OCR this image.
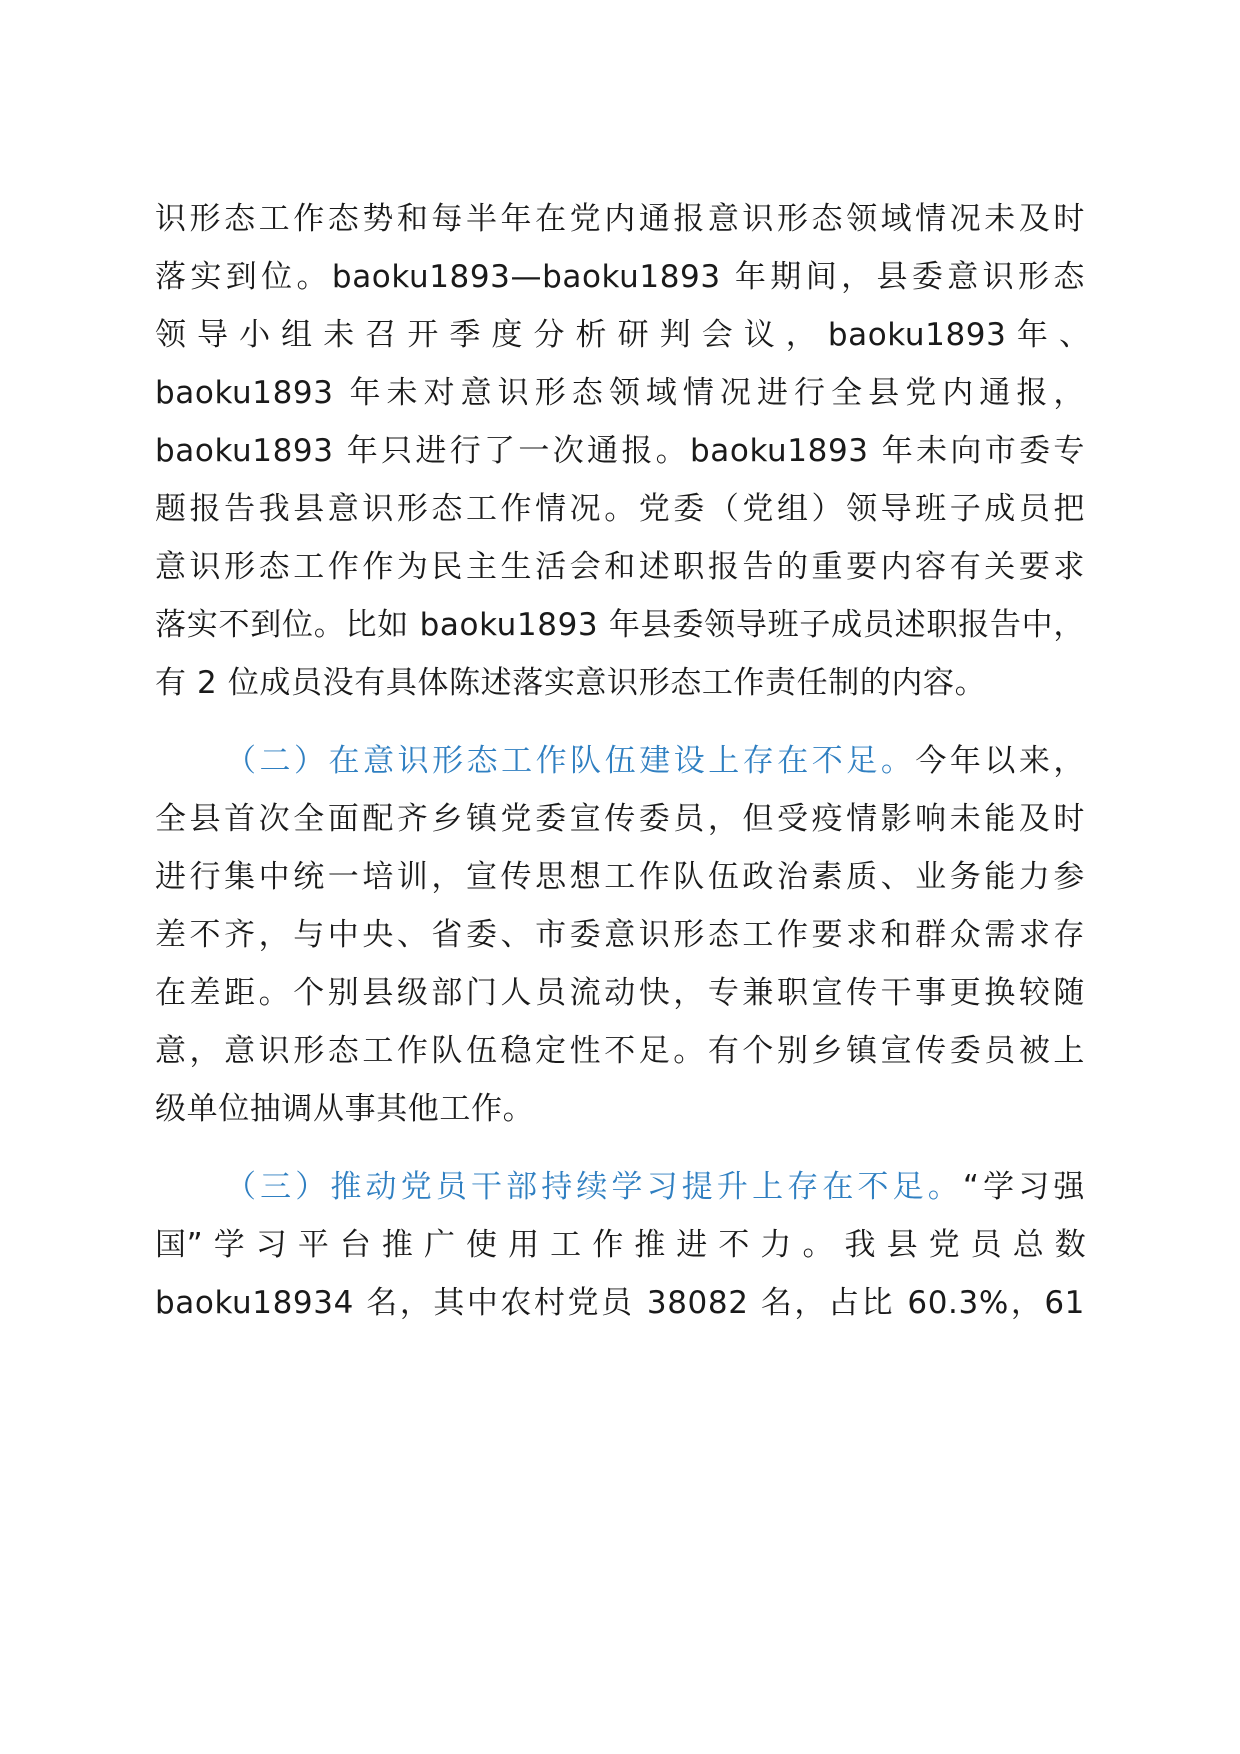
识形态工作态势和每半年在党内通报意识形态领域情况未及时
落实到位。baoku1893—baoku1893 年期间，县委意识形态
领 导 小 组 未 召 开 季 度 分 析 研 判 会 议 ， baoku1893 年 、
baoku1893 年未对意识形态领域情况进行全县党内通报，
baoku1893 年只进行了一次通报。baoku1893 年未向市委专
题报告我县意识形态工作情况。党委（党组）领导班子成员把
意识形态工作作为民主生活会和述职报告的重要内容有关要求
落实不到位。比如 baoku1893 年县委领导班子成员述职报告中，
有 2 位成员没有具体陈述落实意识形态工作责任制的内容。
（二）在意识形态工作队伍建设上存在不足。今年以来，
全县首次全面配齐乡镇党委宣传委员，但受疫情影响未能及时
进行集中统一培训，宣传思想工作队伍政治素质、业务能力参
差不齐，与中央、省委、市委意识形态工作要求和群众需求存
在差距。个别县级部门人员流动快，专兼职宣传干事更换较随
意，意识形态工作队伍稳定性不足。有个别乡镇宣传委员被上
级单位抽调从事其他工作。
（三）推动党员干部持续学习提升上存在不足。“学习强
国” 学 习 平 台 推 广 使 用 工 作 推 进 不 力 。 我 县 党 员 总 数
baoku18934 名，其中农村党员 38082 名，占比 60.3%，61
